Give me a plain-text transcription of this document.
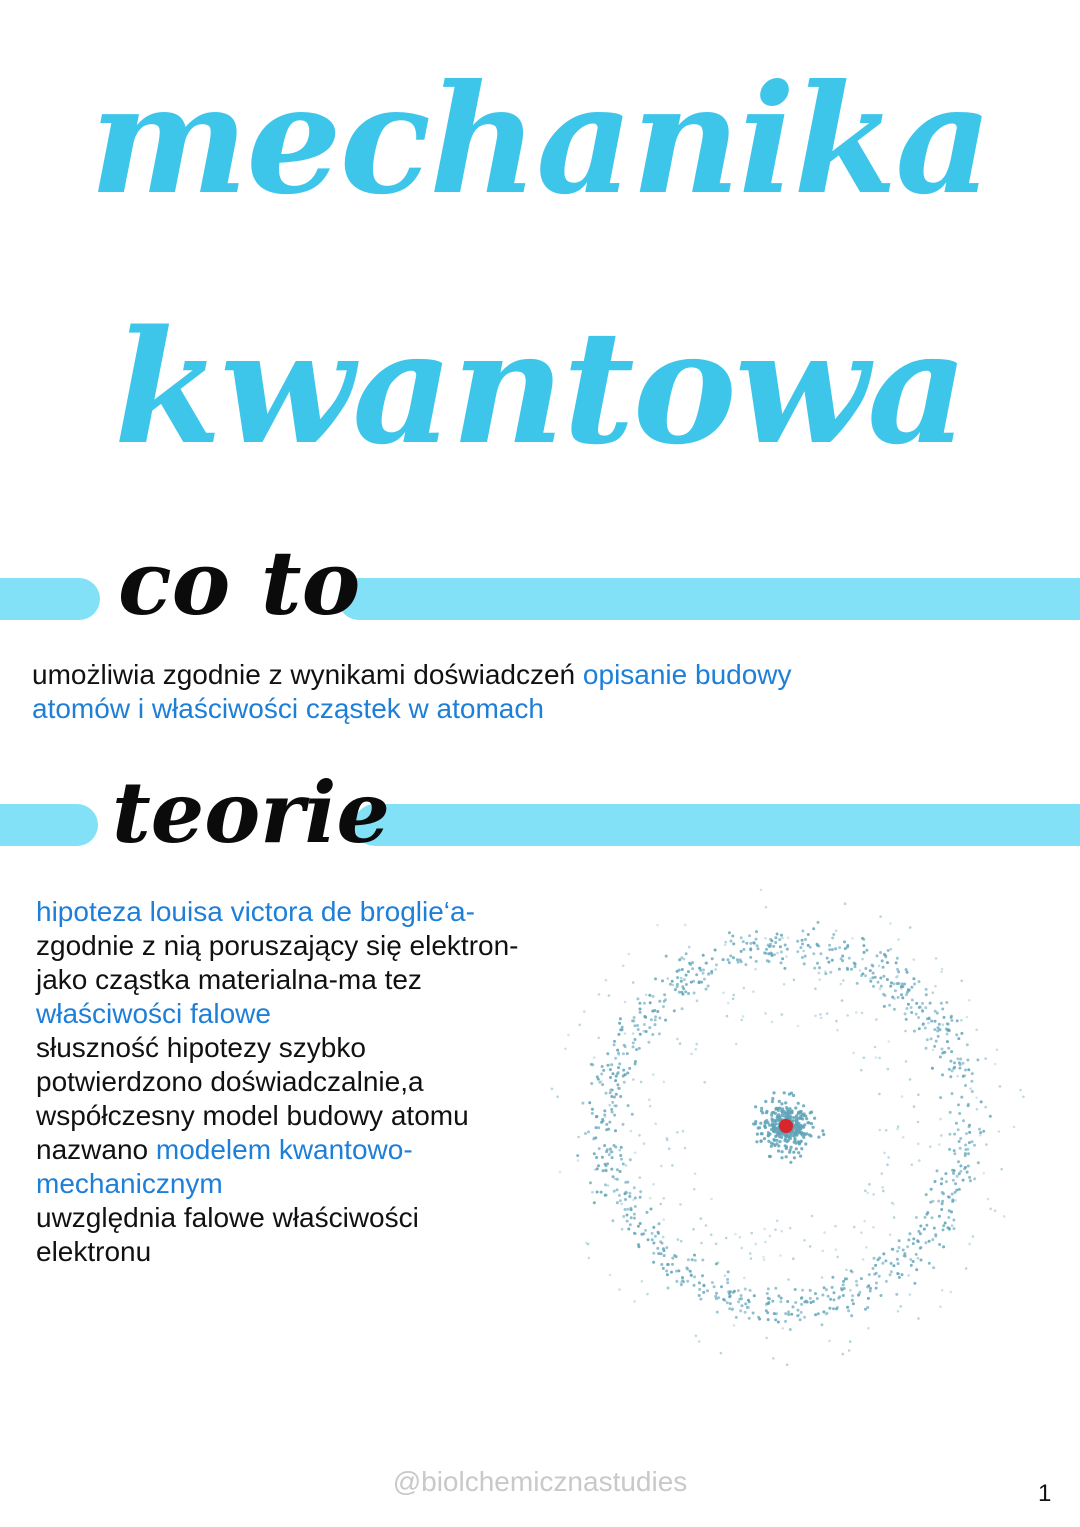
mechanika
kwantowa
co to

umożliwia zgodnie z wynikami doświadczeń opisanie budowy atomów i właściwości cząstek w atomach

teorie
hipoteza louisa victora de broglie‘a-
zgodnie z nią poruszający się elektron-jako cząstka materialna-ma tez właściwości falowe
słuszność hipotezy szybko potwierdzono doświadczalnie,a współczesny model budowy atomu nazwano modelem kwantowo-mechanicznym
uwzględnia falowe właściwości elektronu

@biolchemicznastudies	1
